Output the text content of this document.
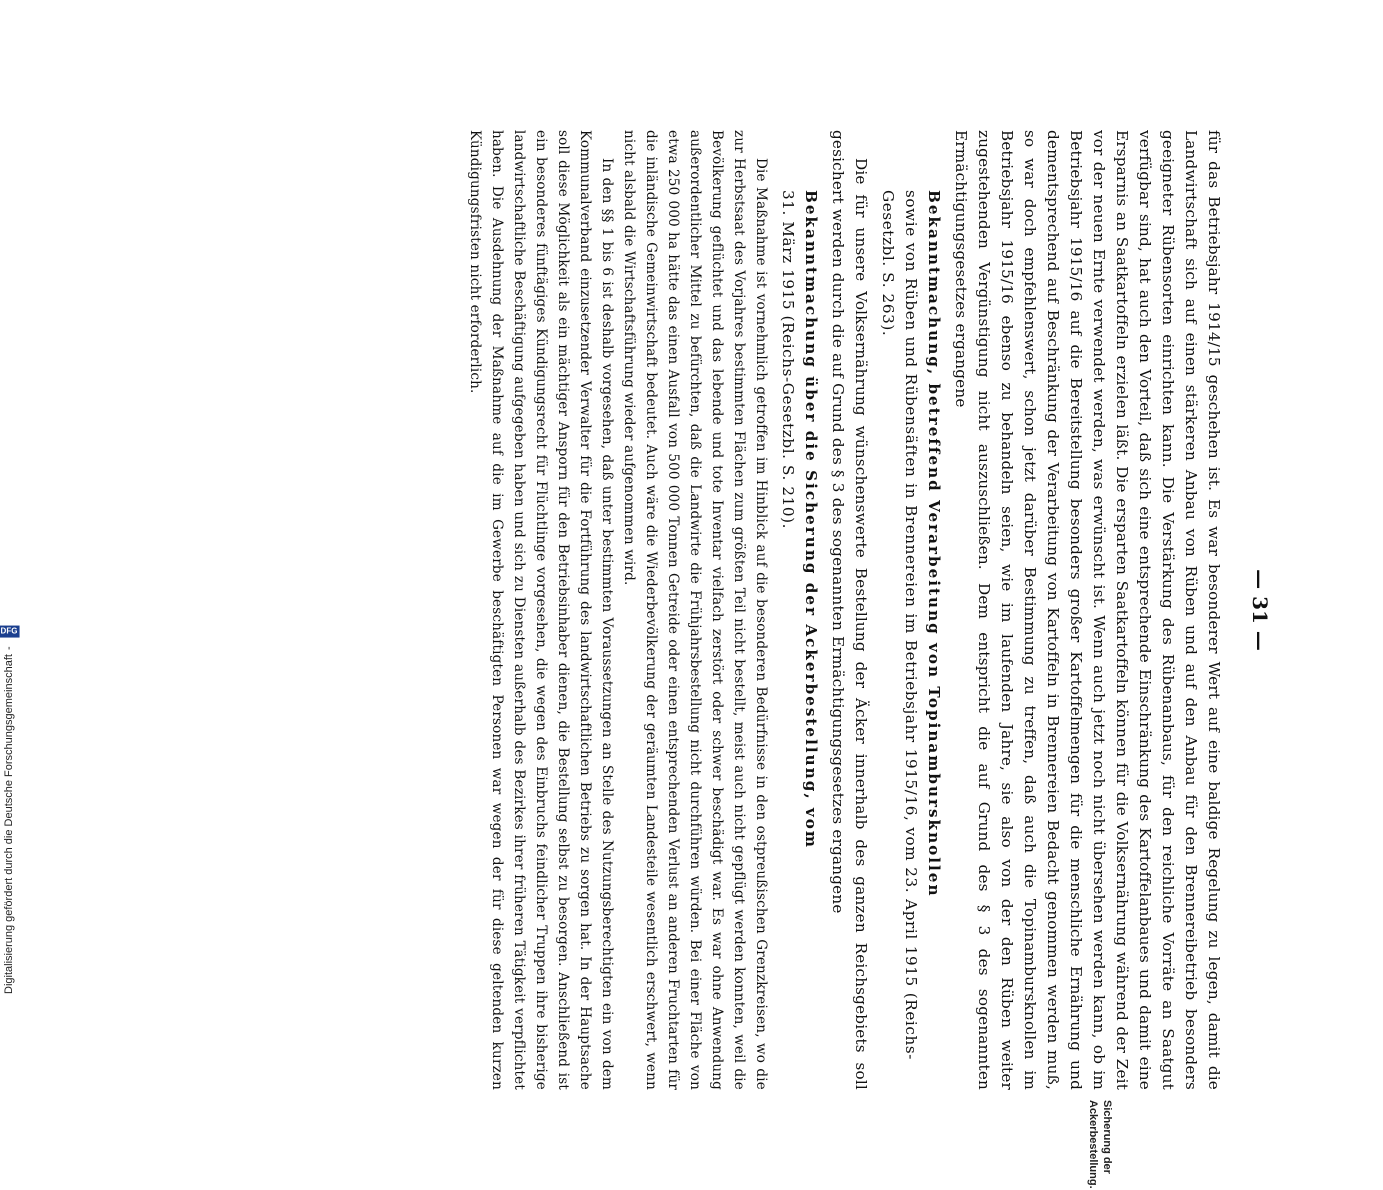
Digitalisierung gefördert durch die Deutsche Forschungsgemeinschaft
-
DFG	— 31 —

für das Betriebsjahr 1914/15 geschehen ist. Es war besonderer Wert auf eine baldige Regelung zu legen, damit die Landwirtschaft sich auf einen stärkeren Anbau von Rüben und auf den Anbau für den Brennereibetrieb besonders geeigneter Rübensorten einrichten kann. Die Verstärkung des Rübenanbaus, für den reichliche Vorräte an Saatgut verfügbar sind, hat auch den Vorteil, daß sich eine entsprechende Einschränkung des Kartoffelanbaues und damit eine Ersparnis an Saatkartoffeln erzielen läßt. Die ersparten Saatkartoffeln können für die Volksernährung während der Zeit vor der neuen Ernte verwendet werden, was erwünscht ist. Wenn auch jetzt noch nicht übersehen werden kann, ob im Betriebsjahr 1915/16 auf die Bereitstellung besonders großer Kartoffelmengen für die menschliche Ernährung und dementsprechend auf Beschränkung der Verarbeitung von Kartoffeln in Brennereien Bedacht genommen werden muß, so war doch empfehlenswert, schon jetzt darüber Bestimmung zu treffen, daß auch die Topinambursknollen im Betriebsjahr 1915/16 ebenso zu behandeln seien, wie im laufenden Jahre, sie also von der den Rüben weiter zugestehenden Vergünstigung nicht auszuschließen. Dem entspricht die auf Grund des § 3 des sogenannten Ermächtigungsgesetzes ergangene

Bekanntmachung, betreffend Verarbeitung von Topinambursknollen
sowie von Rüben und Rübensäften in Brennereien im Betriebsjahr 1915/16, vom 23. April 1915 (Reichs-Gesetzbl. S. 263).

Die für unsere Volksernährung wünschenswerte Bestellung der Äcker innerhalb des ganzen Reichsgebiets soll gesichert werden durch die auf Grund des § 3 des sogenannten Ermächtigungsgesetzes ergangene

Bekanntmachung über die Sicherung der Ackerbestellung, vom
31. März 1915 (Reichs-Gesetzbl. S. 210).

Die Maßnahme ist vornehmlich getroffen im Hinblick auf die besonderen Bedürfnisse in den ostpreußischen Grenzkreisen, wo die zur Herbstsaat des Vorjahres bestimmten Flächen zum größten Teil nicht bestellt, meist auch nicht gepflügt werden konnten, weil die Bevölkerung geflüchtet und das lebende und tote Inventar vielfach zerstört oder schwer beschädigt war. Es war ohne Anwendung außerordentlicher Mittel zu befürchten, daß die Landwirte die Frühjahrsbestellung nicht durchführen würden. Bei einer Fläche von etwa 250 000 ha hätte das einen Ausfall von 500 000 Tonnen Getreide oder einen entsprechenden Verlust an anderen Fruchtarten für die inländische Gemeinwirtschaft bedeutet. Auch wäre die Wiederbevölkerung der geräumten Landesteile wesentlich erschwert, wenn nicht alsbald die Wirtschaftsführung wieder aufgenommen wird.

In den §§ 1 bis 6 ist deshalb vorgesehen, daß unter bestimmten Voraussetzungen an Stelle des Nutzungsberechtigten ein von dem Kommunalverband einzusetzender Verwalter für die Fortführung des landwirtschaftlichen Betriebs zu sorgen hat. In der Hauptsache soll diese Möglichkeit als ein mächtiger Ansporn für den Betriebsinhaber dienen, die Bestellung selbst zu besorgen. Anschließend ist ein besonderes fünftägiges Kündigungsrecht für Flüchtlinge vorgesehen, die wegen des Einbruchs feindlicher Truppen ihre bisherige landwirtschaftliche Beschäftigung aufgegeben haben und sich zu Diensten außerhalb des Bezirkes ihrer früheren Tätigkeit verpflichtet haben. Die Ausdehnung der Maßnahme auf die im Gewerbe beschäftigten Personen war wegen der für diese geltenden kurzen Kündigungsfristen nicht erforderlich.

Sicherung der Ackerbestellung.
